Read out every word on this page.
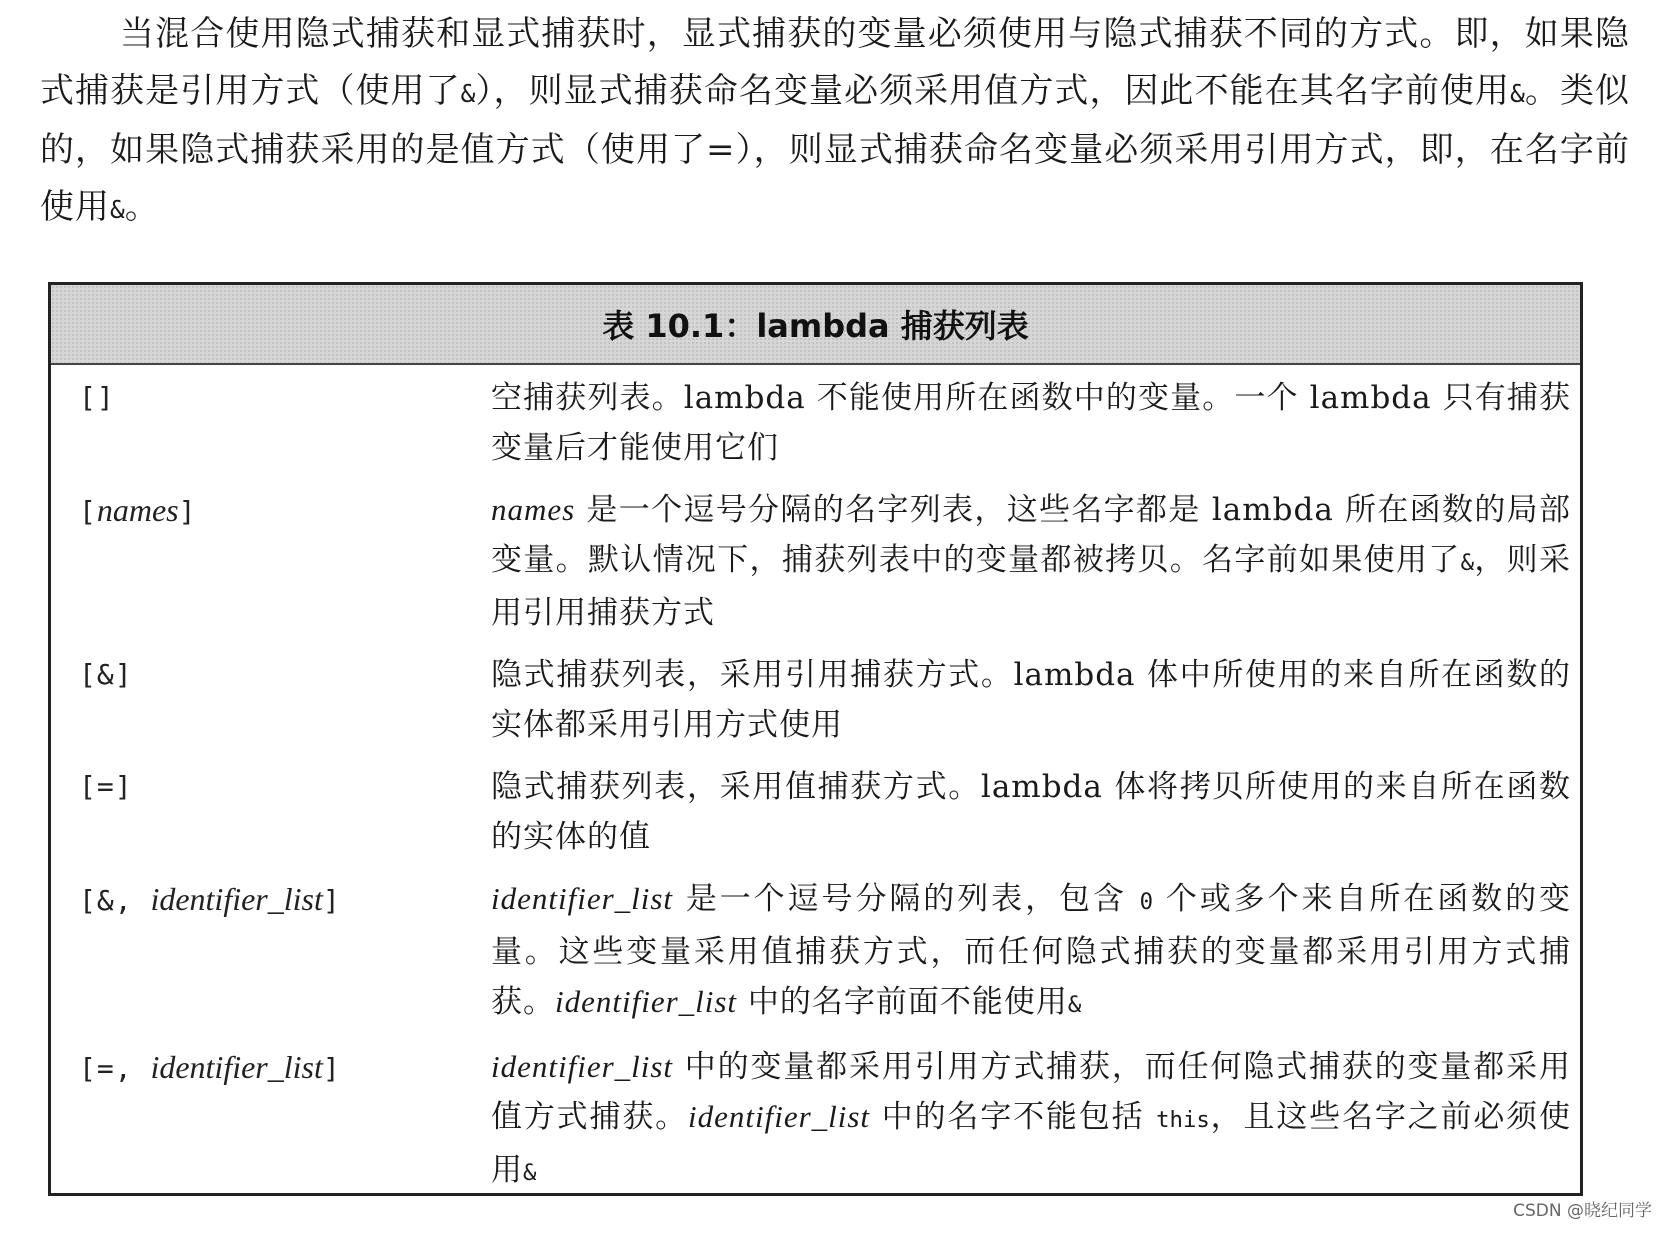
当混合使用隐式捕获和显式捕获时，显式捕获的变量必须使用与隐式捕获不同的方式。即，如果隐式捕获是引用方式（使用了&），则显式捕获命名变量必须采用值方式，因此不能在其名字前使用&。类似的，如果隐式捕获采用的是值方式（使用了=），则显式捕获命名变量必须采用引用方式，即，在名字前使用&。

表 10.1：lambda 捕获列表
[]	空捕获列表。lambda 不能使用所在函数中的变量。一个 lambda 只有捕获变量后才能使用它们
[names]	names 是一个逗号分隔的名字列表，这些名字都是 lambda 所在函数的局部变量。默认情况下，捕获列表中的变量都被拷贝。名字前如果使用了&，则采用引用捕获方式
[&]	隐式捕获列表，采用引用捕获方式。lambda 体中所使用的来自所在函数的实体都采用引用方式使用
[=]	隐式捕获列表，采用值捕获方式。lambda 体将拷贝所使用的来自所在函数的实体的值
[&, identifier_list]	identifier_list 是一个逗号分隔的列表，包含 0 个或多个来自所在函数的变量。这些变量采用值捕获方式，而任何隐式捕获的变量都采用引用方式捕获。identifier_list 中的名字前面不能使用&
[=, identifier_list]	identifier_list 中的变量都采用引用方式捕获，而任何隐式捕获的变量都采用值方式捕获。identifier_list 中的名字不能包括 this，且这些名字之前必须使用&
CSDN @晓纪同学
